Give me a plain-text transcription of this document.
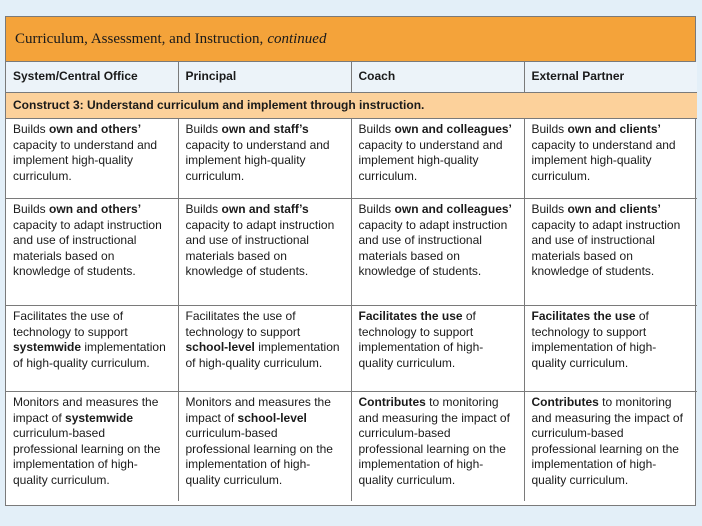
Curriculum, Assessment, and Instruction, continued
System/Central Office	Principal	Coach	External Partner
Construct 3: Understand curriculum and implement through instruction.			
Builds own and others’ capacity to understand and implement high-quality curriculum.	Builds own and staff’s capacity to understand and implement high-quality curriculum.	Builds own and colleagues’ capacity to understand and implement high-quality curriculum.	Builds own and clients’ capacity to understand and implement high-quality curriculum.
Builds own and others’ capacity to adapt instruction and use of instructional materials based on knowledge of students.	Builds own and staff’s capacity to adapt instruction and use of instructional materials based on knowledge of students.	Builds own and colleagues’ capacity to adapt instruction and use of instructional materials based on knowledge of students.	Builds own and clients’ capacity to adapt instruction and use of instructional materials based on knowledge of students.
Facilitates the use of technology to support systemwide implementation of high-quality curriculum.	Facilitates the use of technology to support school-level implementation of high-quality curriculum.	Facilitates the use of technology to support implementation of high-quality curriculum.	Facilitates the use of technology to support implementation of high-quality curriculum.
Monitors and measures the impact of systemwide curriculum-based professional learning on the implementation of high-quality curriculum.	Monitors and measures the impact of school-level curriculum-based professional learning on the implementation of high-quality curriculum.	Contributes to monitoring and measuring the impact of curriculum-based professional learning on the implementation of high-quality curriculum.	Contributes to monitoring and measuring the impact of curriculum-based professional learning on the implementation of high-quality curriculum.
